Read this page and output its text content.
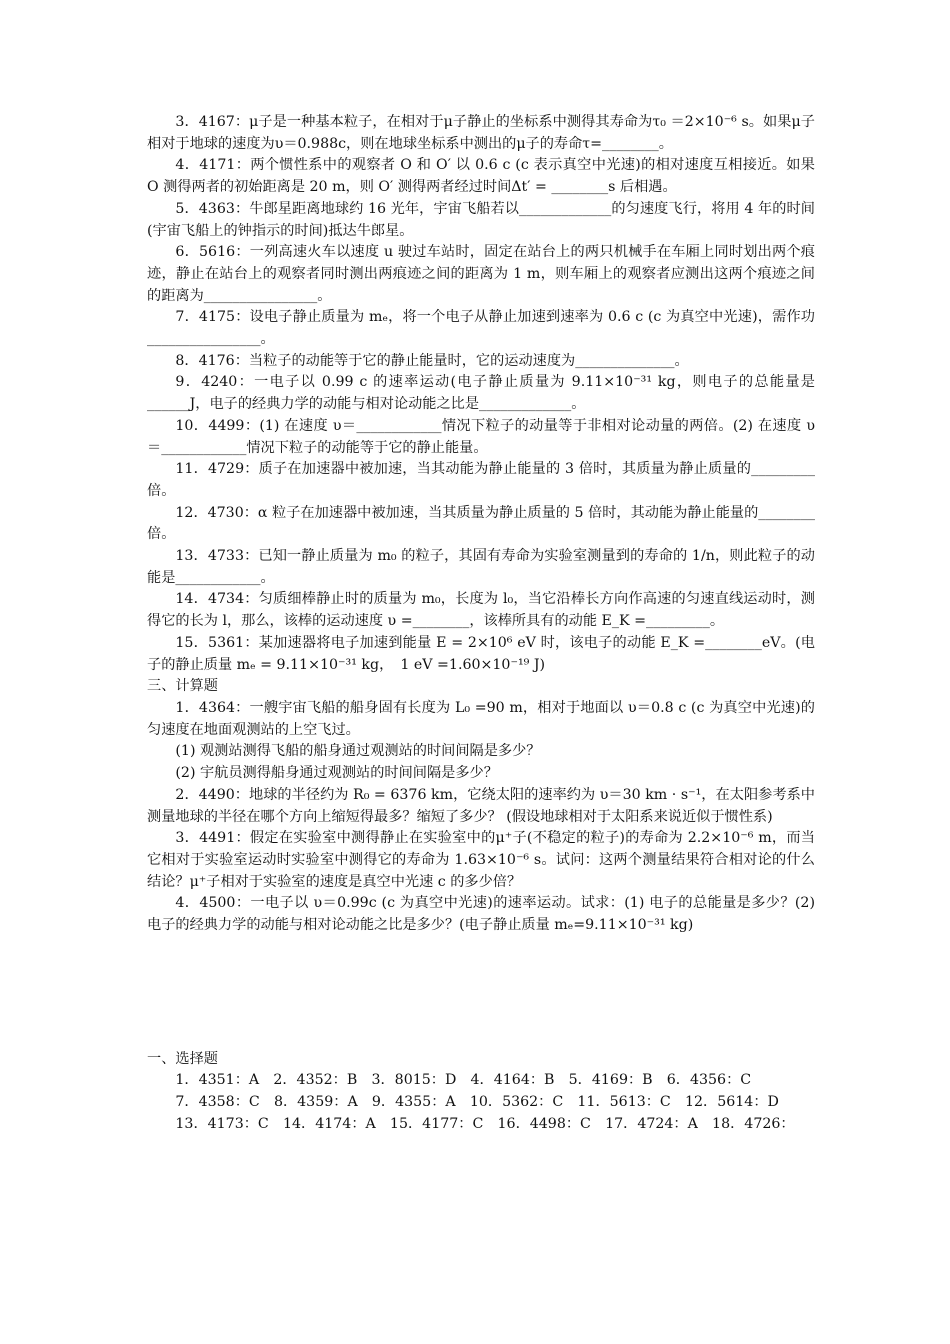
3．4167：μ子是一种基本粒子，在相对于μ子静止的坐标系中测得其寿命为τ₀ ＝2×10⁻⁶ s。如果μ子相对于地球的速度为υ＝0.988c，则在地球坐标系中测出的μ子的寿命τ=________。

4．4171：两个惯性系中的观察者 O 和 O′ 以 0.6 c (c 表示真空中光速)的相对速度互相接近。如果 O 测得两者的初始距离是 20 m，则 O′ 测得两者经过时间Δt′ = ________s 后相遇。

5．4363：牛郎星距离地球约 16 光年，宇宙飞船若以_____________的匀速度飞行，将用 4 年的时间(宇宙飞船上的钟指示的时间)抵达牛郎星。

6．5616：一列高速火车以速度 u 驶过车站时，固定在站台上的两只机械手在车厢上同时划出两个痕迹，静止在站台上的观察者同时测出两痕迹之间的距离为 1 m，则车厢上的观察者应测出这两个痕迹之间的距离为________________。

7．4175：设电子静止质量为 mₑ，将一个电子从静止加速到速率为 0.6 c (c 为真空中光速)，需作功________________。

8．4176：当粒子的动能等于它的静止能量时，它的运动速度为______________。

9．4240：一电子以 0.99 c 的速率运动(电子静止质量为 9.11×10⁻³¹ kg，则电子的总能量是______J，电子的经典力学的动能与相对论动能之比是_____________。

10．4499：(1) 在速度 υ＝____________情况下粒子的动量等于非相对论动量的两倍。(2) 在速度 υ＝____________情况下粒子的动能等于它的静止能量。

11．4729：质子在加速器中被加速，当其动能为静止能量的 3 倍时，其质量为静止质量的_________倍。

12．4730：α 粒子在加速器中被加速，当其质量为静止质量的 5 倍时，其动能为静止能量的________倍。

13．4733：已知一静止质量为 m₀ 的粒子，其固有寿命为实验室测量到的寿命的 1/n，则此粒子的动能是____________。

14．4734：匀质细棒静止时的质量为 m₀，长度为 l₀，当它沿棒长方向作高速的匀速直线运动时，测得它的长为 l，那么，该棒的运动速度 υ =________，该棒所具有的动能 E_K =_________。

15．5361：某加速器将电子加速到能量 E = 2×10⁶ eV 时，该电子的动能 E_K =________eV。(电子的静止质量 mₑ = 9.11×10⁻³¹ kg，　1 eV =1.60×10⁻¹⁹ J)

三、计算题

1．4364：一艘宇宙飞船的船身固有长度为 L₀ =90 m，相对于地面以 υ＝0.8 c (c 为真空中光速)的匀速度在地面观测站的上空飞过。

(1) 观测站测得飞船的船身通过观测站的时间间隔是多少？

(2) 宇航员测得船身通过观测站的时间间隔是多少？

2．4490：地球的半径约为 R₀ = 6376 km，它绕太阳的速率约为 υ＝30 km · s⁻¹，在太阳参考系中测量地球的半径在哪个方向上缩短得最多？缩短了多少？ (假设地球相对于太阳系来说近似于惯性系)

3．4491：假定在实验室中测得静止在实验室中的μ⁺子(不稳定的粒子)的寿命为 2.2×10⁻⁶ m，而当它相对于实验室运动时实验室中测得它的寿命为 1.63×10⁻⁶ s。试问：这两个测量结果符合相对论的什么结论？μ⁺子相对于实验室的速度是真空中光速 c 的多少倍？

4．4500：一电子以 υ＝0.99c (c 为真空中光速)的速率运动。试求：(1) 电子的总能量是多少？(2) 电子的经典力学的动能与相对论动能之比是多少？(电子静止质量 mₑ=9.11×10⁻³¹ kg)

一、选择题

1．4351：A　2．4352：B　3．8015：D　4．4164：B　5．4169：B　6．4356：C

7．4358：C　8．4359：A　9．4355：A　10．5362：C　11．5613：C　12．5614：D

13．4173：C　14．4174：A　15．4177：C　16．4498：C　17．4724：A　18．4726：
